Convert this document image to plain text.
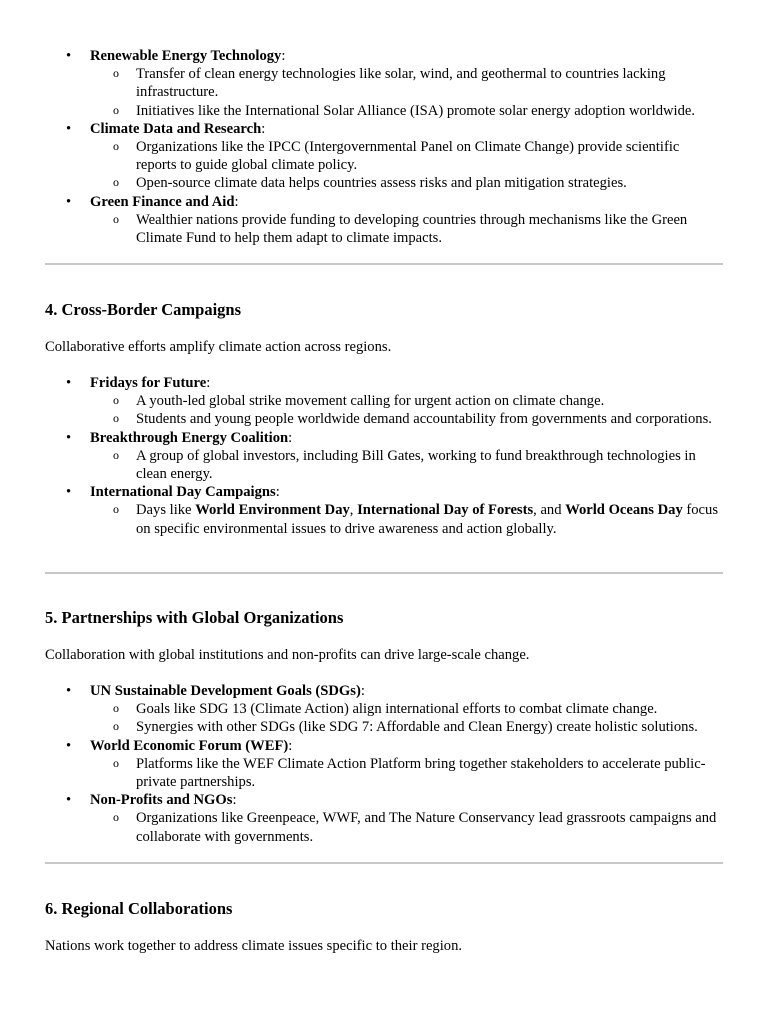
• Renewable Energy Technology:
o Transfer of clean energy technologies like solar, wind, and geothermal to countries lacking infrastructure.
o Initiatives like the International Solar Alliance (ISA) promote solar energy adoption worldwide.
• Climate Data and Research:
o Organizations like the IPCC (Intergovernmental Panel on Climate Change) provide scientific reports to guide global climate policy.
o Open-source climate data helps countries assess risks and plan mitigation strategies.
• Green Finance and Aid:
o Wealthier nations provide funding to developing countries through mechanisms like the Green Climate Fund to help them adapt to climate impacts.
4. Cross-Border Campaigns

Collaborative efforts amplify climate action across regions.

• Fridays for Future:
o A youth-led global strike movement calling for urgent action on climate change.
o Students and young people worldwide demand accountability from governments and corporations.
• Breakthrough Energy Coalition:
o A group of global investors, including Bill Gates, working to fund breakthrough technologies in clean energy.
• International Day Campaigns:
o Days like World Environment Day, International Day of Forests, and World Oceans Day focus on specific environmental issues to drive awareness and action globally.
5. Partnerships with Global Organizations

Collaboration with global institutions and non-profits can drive large-scale change.

• UN Sustainable Development Goals (SDGs):
o Goals like SDG 13 (Climate Action) align international efforts to combat climate change.
o Synergies with other SDGs (like SDG 7: Affordable and Clean Energy) create holistic solutions.
• World Economic Forum (WEF):
o Platforms like the WEF Climate Action Platform bring together stakeholders to accelerate public-private partnerships.
• Non-Profits and NGOs:
o Organizations like Greenpeace, WWF, and The Nature Conservancy lead grassroots campaigns and collaborate with governments.
6. Regional Collaborations

Nations work together to address climate issues specific to their region.
